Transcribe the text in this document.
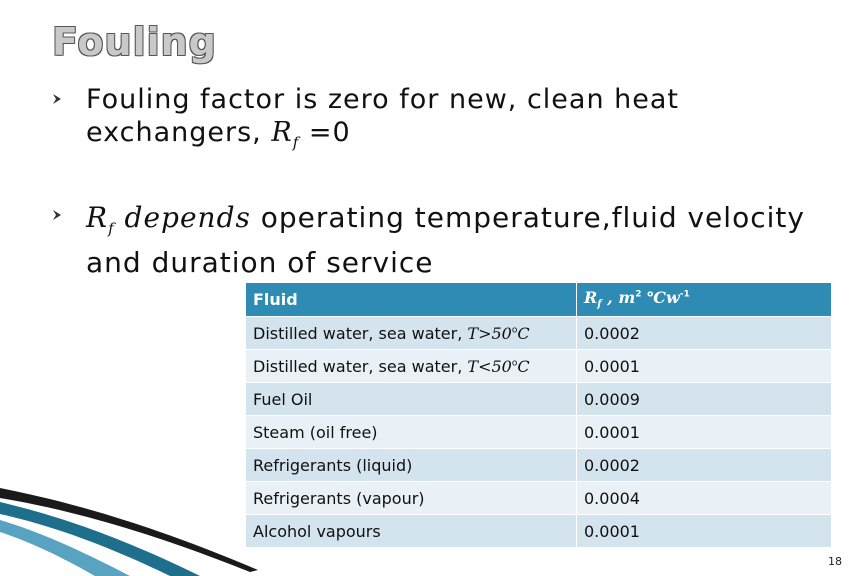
Fouling
Fouling factor is zero for new, clean heat
exchangers, $R_f =0$
$R_f$ depends operating temperature,fluid velocity
and duration of service
Fluid	$R_f$ , $m^2$ $^oCw^{-1}$
Distilled water, sea water, $T>50^oC$	0.0002
Distilled water, sea water, $T<50^oC$	0.0001
Fuel Oil	0.0009
Steam (oil free)	0.0001
Refrigerants (liquid)	0.0002
Refrigerants (vapour)	0.0004
Alcohol vapours	0.0001
18
